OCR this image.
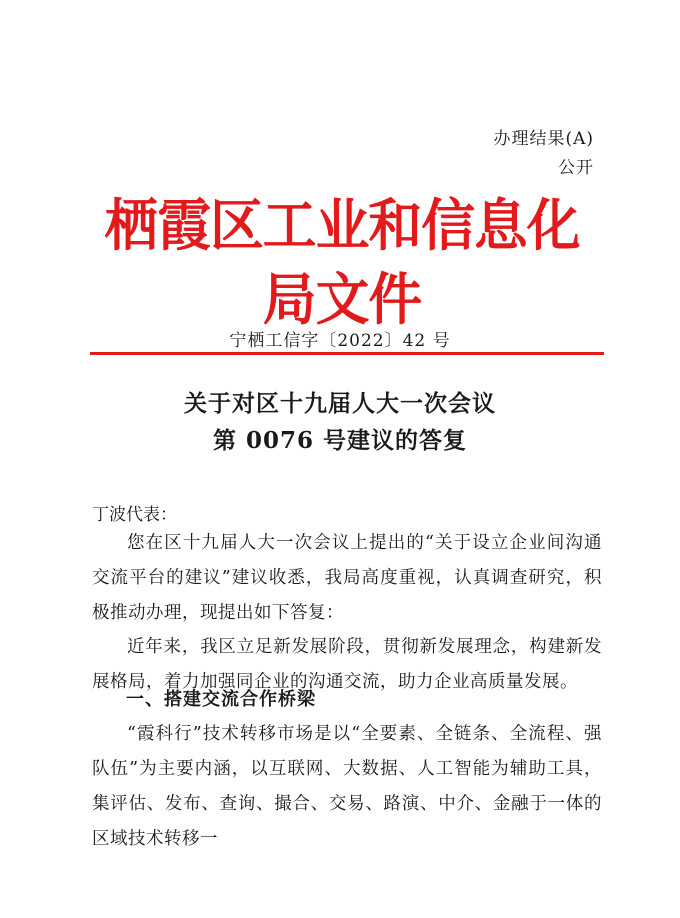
办理结果(A)
公开
栖霞区工业和信息化局文件
宁栖工信字〔2022〕42 号
关于对区十九届人大一次会议
第 0076 号建议的答复
丁波代表：
您在区十九届人大一次会议上提出的“关于设立企业间沟通交流平台的建议”建议收悉，我局高度重视，认真调查研究，积极推动办理，现提出如下答复：
近年来，我区立足新发展阶段，贯彻新发展理念，构建新发展格局，着力加强同企业的沟通交流，助力企业高质量发展。
一、搭建交流合作桥梁
“霞科行”技术转移市场是以“全要素、全链条、全流程、强队伍”为主要内涵，以互联网、大数据、人工智能为辅助工具，集评估、发布、查询、撮合、交易、路演、中介、金融于一体的区域技术转移一
